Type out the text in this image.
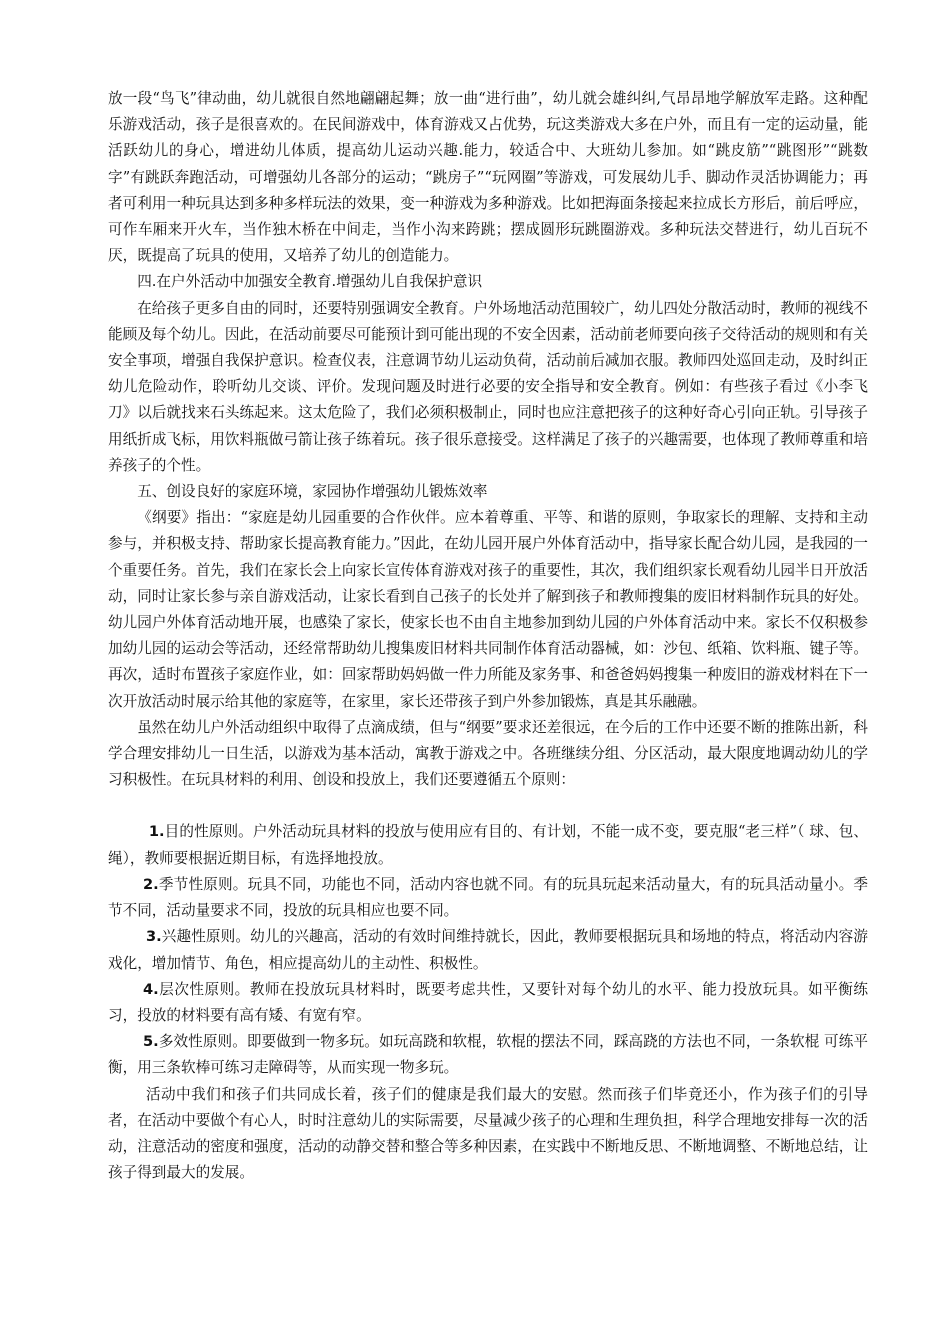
放一段“鸟飞”律动曲，幼儿就很自然地翩翩起舞；放一曲“进行曲”，幼儿就会雄纠纠,气昂昂地学解放军走路。这种配乐游戏活动，孩子是很喜欢的。在民间游戏中，体育游戏又占优势，玩这类游戏大多在户外，而且有一定的运动量，能活跃幼儿的身心，增进幼儿体质，提高幼儿运动兴趣.能力，较适合中、大班幼儿参加。如“跳皮筋”“跳图形”“跳数字”有跳跃奔跑活动，可增强幼儿各部分的运动；“跳房子”“玩网圈”等游戏，可发展幼儿手、脚动作灵活协调能力；再者可利用一种玩具达到多种多样玩法的效果，变一种游戏为多种游戏。比如把海面条接起来拉成长方形后，前后呼应，可作车厢来开火车，当作独木桥在中间走，当作小沟来跨跳；摆成圆形玩跳圈游戏。多种玩法交替进行，幼儿百玩不厌，既提高了玩具的使用，又培养了幼儿的创造能力。

四.在户外活动中加强安全教育.增强幼儿自我保护意识

在给孩子更多自由的同时，还要特别强调安全教育。户外场地活动范围较广，幼儿四处分散活动时，教师的视线不能顾及每个幼儿。因此，在活动前要尽可能预计到可能出现的不安全因素，活动前老师要向孩子交待活动的规则和有关安全事项，增强自我保护意识。检查仪表，注意调节幼儿运动负荷，活动前后减加衣服。教师四处巡回走动，及时纠正幼儿危险动作，聆听幼儿交谈、评价。发现问题及时进行必要的安全指导和安全教育。例如：有些孩子看过《小李飞刀》以后就找来石头练起来。这太危险了，我们必须积极制止，同时也应注意把孩子的这种好奇心引向正轨。引导孩子用纸折成飞标，用饮料瓶做弓箭让孩子练着玩。孩子很乐意接受。这样满足了孩子的兴趣需要，也体现了教师尊重和培养孩子的个性。

五、创设良好的家庭环境，家园协作增强幼儿锻炼效率

《纲要》指出：“家庭是幼儿园重要的合作伙伴。应本着尊重、平等、和谐的原则，争取家长的理解、支持和主动参与，并积极支持、帮助家长提高教育能力。”因此，在幼儿园开展户外体育活动中，指导家长配合幼儿园，是我园的一个重要任务。首先，我们在家长会上向家长宣传体育游戏对孩子的重要性，其次，我们组织家长观看幼儿园半日开放活动，同时让家长参与亲自游戏活动，让家长看到自己孩子的长处并了解到孩子和教师搜集的废旧材料制作玩具的好处。幼儿园户外体育活动地开展，也感染了家长，使家长也不由自主地参加到幼儿园的户外体育活动中来。家长不仅积极参加幼儿园的运动会等活动，还经常帮助幼儿搜集废旧材料共同制作体育活动器械，如：沙包、纸箱、饮料瓶、键子等。再次，适时布置孩子家庭作业，如：回家帮助妈妈做一件力所能及家务事、和爸爸妈妈搜集一种废旧的游戏材料在下一次开放活动时展示给其他的家庭等，在家里，家长还带孩子到户外参加锻炼，真是其乐融融。

虽然在幼儿户外活动组织中取得了点滴成绩，但与“纲要”要求还差很远，在今后的工作中还要不断的推陈出新，科学合理安排幼儿一日生活，以游戏为基本活动，寓教于游戏之中。各班继续分组、分区活动，最大限度地调动幼儿的学习积极性。在玩具材料的利用、创设和投放上，我们还要遵循五个原则：

1.目的性原则。户外活动玩具材料的投放与使用应有目的、有计划，不能一成不变，要克服“老三样”（ 球、包、绳），教师要根据近期目标，有选择地投放。

2.季节性原则。玩具不同，功能也不同，活动内容也就不同。有的玩具玩起来活动量大，有的玩具活动量小。季节不同，活动量要求不同，投放的玩具相应也要不同。

3.兴趣性原则。幼儿的兴趣高，活动的有效时间维持就长，因此，教师要根据玩具和场地的特点，将活动内容游戏化，增加情节、角色，相应提高幼儿的主动性、积极性。

4.层次性原则。教师在投放玩具材料时，既要考虑共性，又要针对每个幼儿的水平、能力投放玩具。如平衡练习，投放的材料要有高有矮、有宽有窄。

5.多效性原则。即要做到一物多玩。如玩高跷和软棍，软棍的摆法不同，踩高跷的方法也不同，一条软棍 可练平衡，用三条软棒可练习走障碍等，从而实现一物多玩。

活动中我们和孩子们共同成长着，孩子们的健康是我们最大的安慰。然而孩子们毕竟还小，作为孩子们的引导者，在活动中要做个有心人，时时注意幼儿的实际需要，尽量减少孩子的心理和生理负担，科学合理地安排每一次的活动，注意活动的密度和强度，活动的动静交替和整合等多种因素，在实践中不断地反思、不断地调整、不断地总结，让孩子得到最大的发展。
